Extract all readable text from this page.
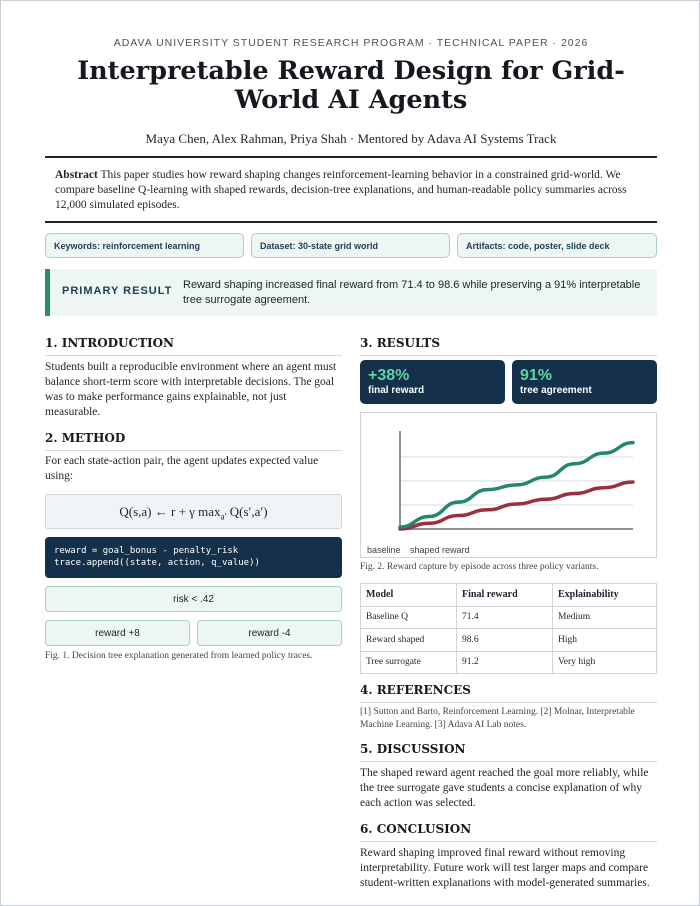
ADAVA UNIVERSITY STUDENT RESEARCH PROGRAM · TECHNICAL PAPER · 2026
Interpretable Reward Design for Grid-World AI Agents
Maya Chen, Alex Rahman, Priya Shah · Mentored by Adava AI Systems Track
Abstract This paper studies how reward shaping changes reinforcement-learning behavior in a constrained grid-world. We compare baseline Q-learning with shaped rewards, decision-tree explanations, and human-readable policy summaries across 12,000 simulated episodes.
Keywords: reinforcement learning	Dataset: 30-state grid world	Artifacts: code, poster, slide deck
PRIMARY RESULT Reward shaping increased final reward from 71.4 to 98.6 while preserving a 91% interpretable tree surrogate agreement.
1. INTRODUCTION
Students built a reproducible environment where an agent must balance short-term score with interpretable decisions. The goal was to make performance gains explainable, not just measurable.
2. METHOD
For each state-action pair, the agent updates expected value using:
Q(s,a) ← r + γ $\max_{a'} Q(s',a')$
reward = goal_bonus - penalty_risk
trace.append((state, action, q_value))
risk < .42
reward +8	reward -4
Fig. 1. Decision tree explanation generated from learned policy traces.
3. RESULTS
+38%
final reward
91%
tree agreement
baseline shaped reward
Fig. 2. Reward capture by episode across three policy variants.
Model	Final reward	Explainability
Baseline Q	71.4	Medium
Reward shaped	98.6	High
Tree surrogate	91.2	Very high
4. REFERENCES
[1] Sutton and Barto, Reinforcement Learning. [2] Molnar, Interpretable Machine Learning. [3] Adava AI Lab notes.
5. DISCUSSION
The shaped reward agent reached the goal more reliably, while the tree surrogate gave students a concise explanation of why each action was selected.
6. CONCLUSION
Reward shaping improved final reward without removing interpretability. Future work will test larger maps and compare student-written explanations with model-generated summaries.
